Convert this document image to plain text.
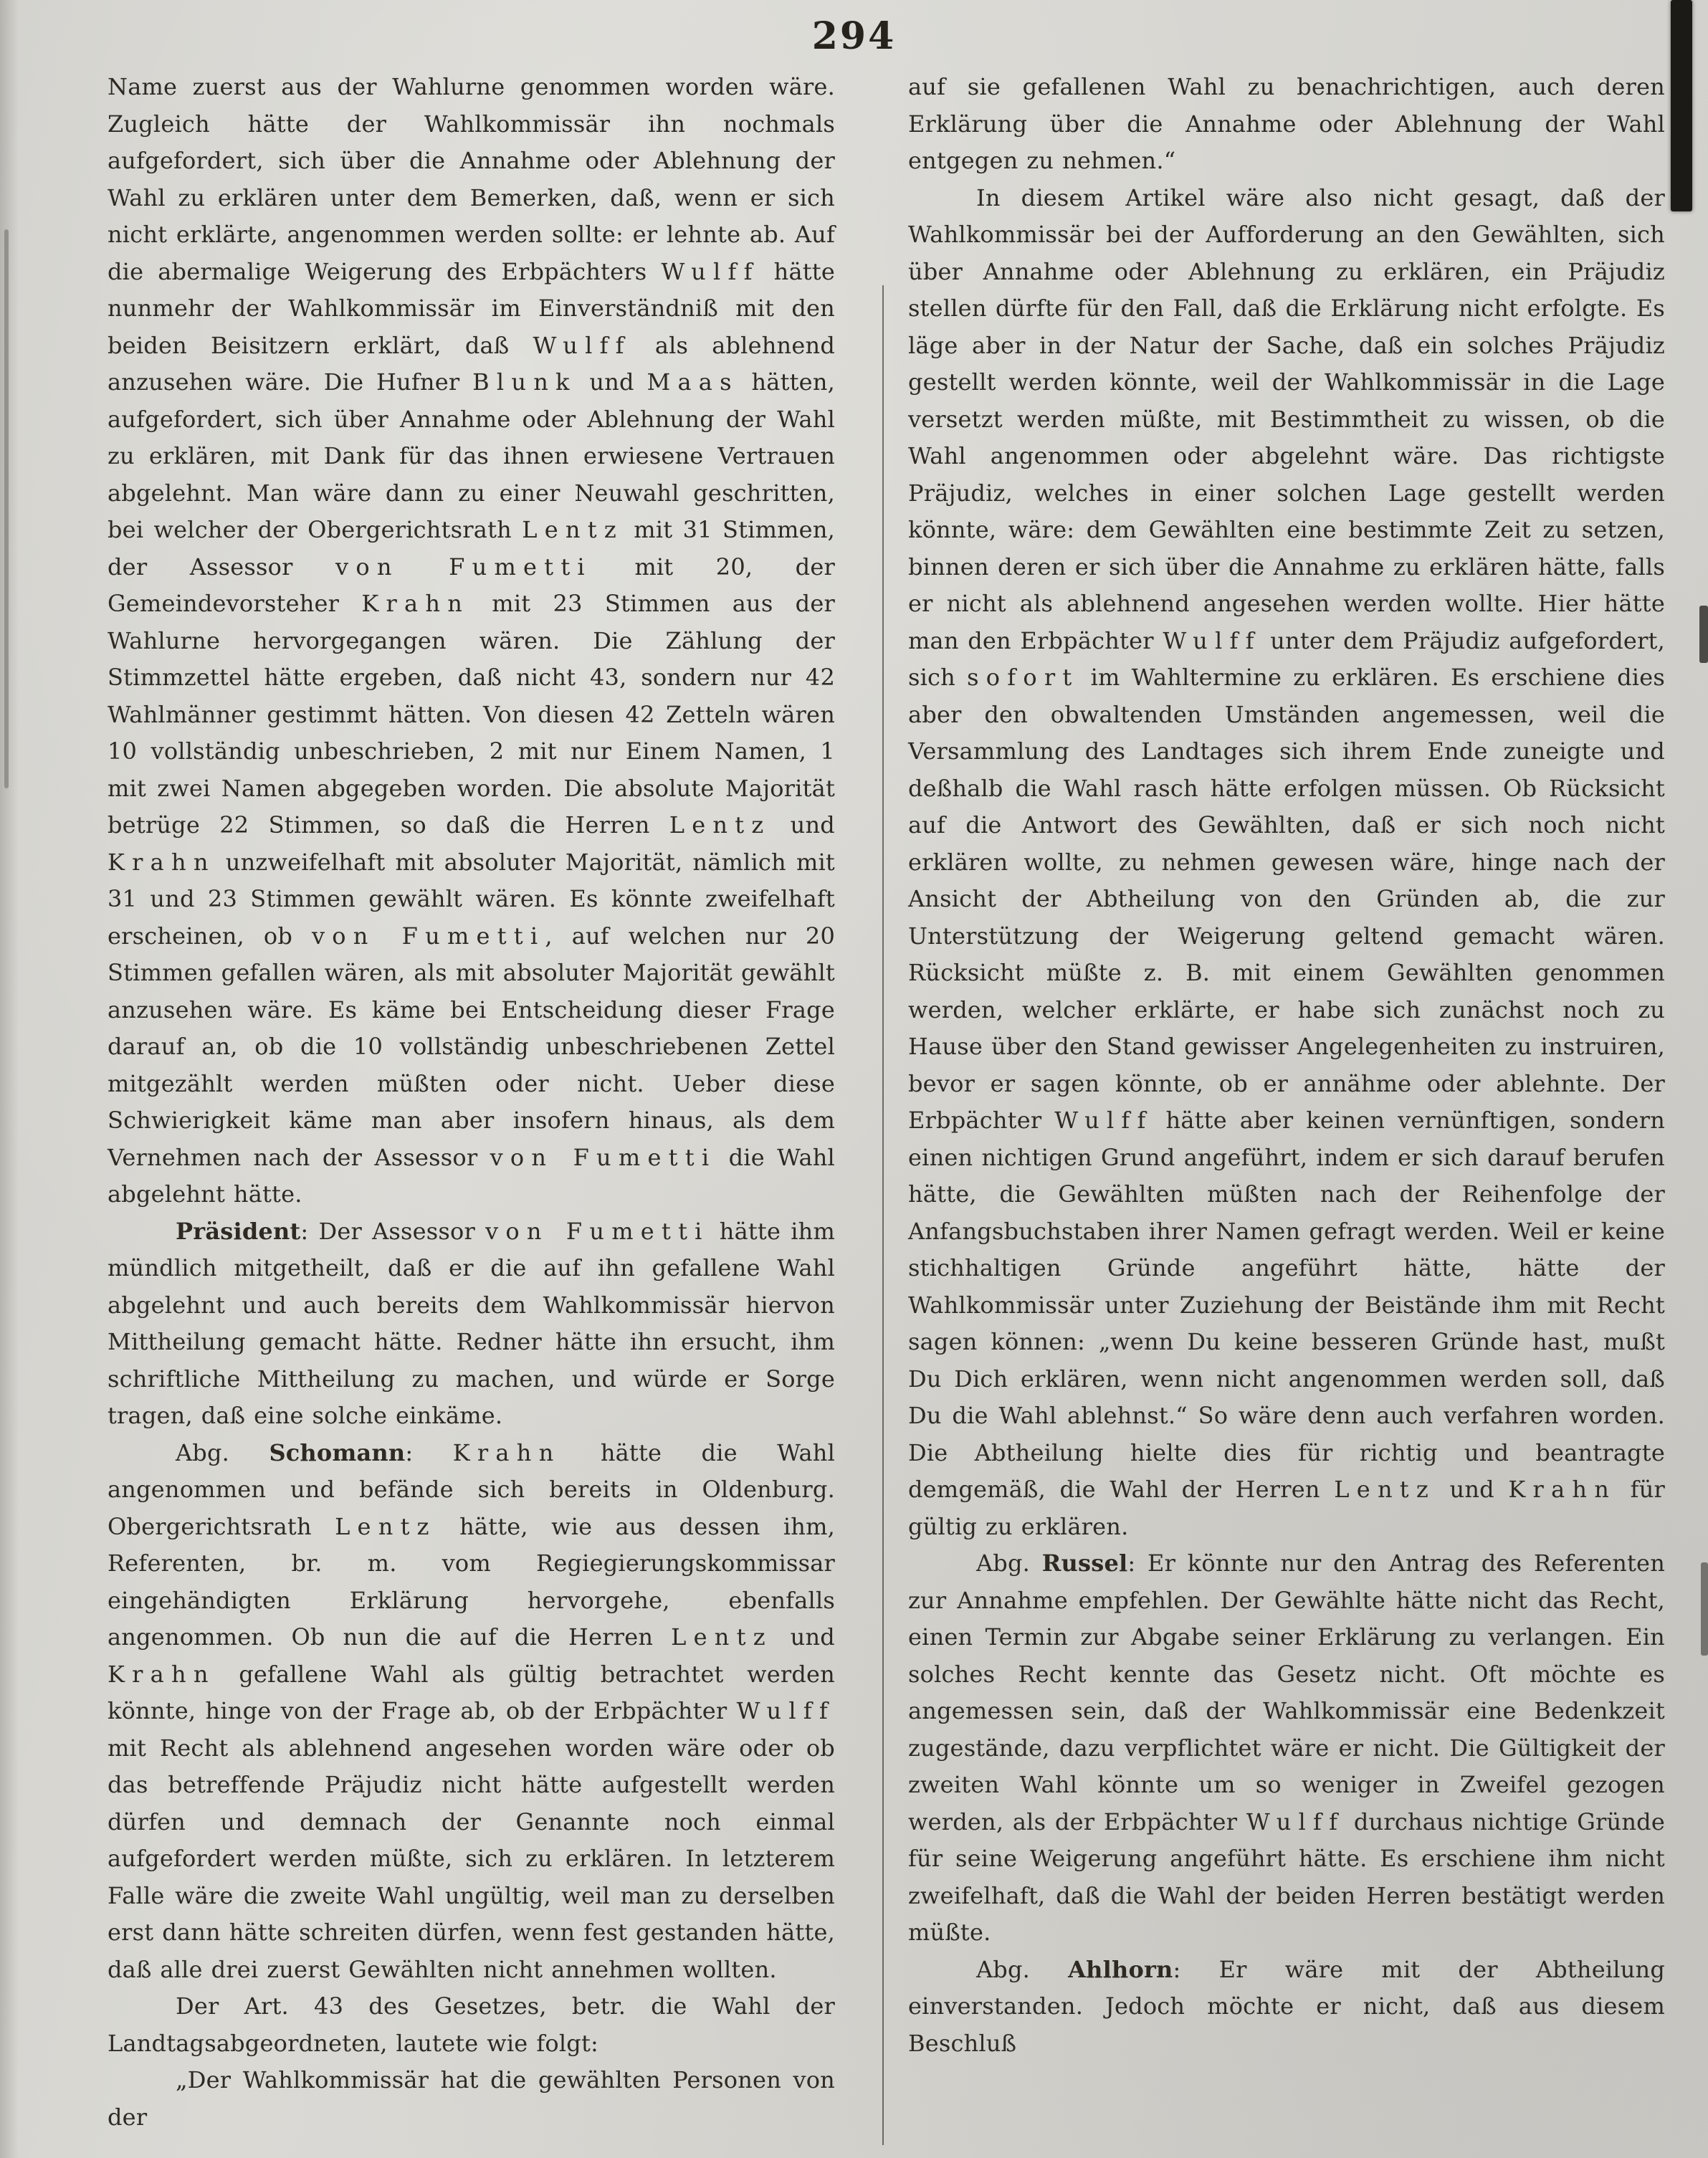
294

Name zuerst aus der Wahlurne genommen worden wäre. Zugleich hätte der Wahlkommissär ihn nochmals aufgefordert, sich über die Annahme oder Ablehnung der Wahl zu erklären unter dem Bemerken, daß, wenn er sich nicht erklärte, angenommen werden sollte: er lehnte ab. Auf die abermalige Weigerung des Erbpächters Wulff hätte nunmehr der Wahlkommissär im Einverständniß mit den beiden Beisitzern erklärt, daß Wulff als ablehnend anzusehen wäre. Die Hufner Blunk und Maas hätten, aufgefordert, sich über Annahme oder Ablehnung der Wahl zu erklären, mit Dank für das ihnen erwiesene Vertrauen abgelehnt. Man wäre dann zu einer Neuwahl geschritten, bei welcher der Obergerichtsrath Lentz mit 31 Stimmen, der Assessor von Fumetti mit 20, der Gemeindevorsteher Krahn mit 23 Stimmen aus der Wahlurne hervorgegangen wären. Die Zählung der Stimmzettel hätte ergeben, daß nicht 43, sondern nur 42 Wahlmänner gestimmt hätten. Von diesen 42 Zetteln wären 10 vollständig unbeschrieben, 2 mit nur Einem Namen, 1 mit zwei Namen abgegeben worden. Die absolute Majorität betrüge 22 Stimmen, so daß die Herren Lentz und Krahn unzweifelhaft mit absoluter Majorität, nämlich mit 31 und 23 Stimmen gewählt wären. Es könnte zweifelhaft erscheinen, ob von Fumetti, auf welchen nur 20 Stimmen gefallen wären, als mit absoluter Majorität gewählt anzusehen wäre. Es käme bei Entscheidung dieser Frage darauf an, ob die 10 vollständig unbeschriebenen Zettel mitgezählt werden müßten oder nicht. Ueber diese Schwierigkeit käme man aber insofern hinaus, als dem Vernehmen nach der Assessor von Fumetti die Wahl abgelehnt hätte.

Präsident: Der Assessor von Fumetti hätte ihm mündlich mitgetheilt, daß er die auf ihn gefallene Wahl abgelehnt und auch bereits dem Wahlkommissär hiervon Mittheilung gemacht hätte. Redner hätte ihn ersucht, ihm schriftliche Mittheilung zu machen, und würde er Sorge tragen, daß eine solche einkäme.

Abg. Schomann: Krahn hätte die Wahl angenommen und befände sich bereits in Oldenburg. Obergerichtsrath Lentz hätte, wie aus dessen ihm, Referenten, br. m. vom Regiegierungskommissar eingehändigten Erklärung hervorgehe, ebenfalls angenommen. Ob nun die auf die Herren Lentz und Krahn gefallene Wahl als gültig betrachtet werden könnte, hinge von der Frage ab, ob der Erbpächter Wulff mit Recht als ablehnend angesehen worden wäre oder ob das betreffende Präjudiz nicht hätte aufgestellt werden dürfen und demnach der Genannte noch einmal aufgefordert werden müßte, sich zu erklären. In letzterem Falle wäre die zweite Wahl ungültig, weil man zu derselben erst dann hätte schreiten dürfen, wenn fest gestanden hätte, daß alle drei zuerst Gewählten nicht annehmen wollten.

Der Art. 43 des Gesetzes, betr. die Wahl der Landtagsabgeordneten, lautete wie folgt:

„Der Wahlkommissär hat die gewählten Personen von der

auf sie gefallenen Wahl zu benachrichtigen, auch deren Erklärung über die Annahme oder Ablehnung der Wahl entgegen zu nehmen.“

In diesem Artikel wäre also nicht gesagt, daß der Wahlkommissär bei der Aufforderung an den Gewählten, sich über Annahme oder Ablehnung zu erklären, ein Präjudiz stellen dürfte für den Fall, daß die Erklärung nicht erfolgte. Es läge aber in der Natur der Sache, daß ein solches Präjudiz gestellt werden könnte, weil der Wahlkommissär in die Lage versetzt werden müßte, mit Bestimmtheit zu wissen, ob die Wahl angenommen oder abgelehnt wäre. Das richtigste Präjudiz, welches in einer solchen Lage gestellt werden könnte, wäre: dem Gewählten eine bestimmte Zeit zu setzen, binnen deren er sich über die Annahme zu erklären hätte, falls er nicht als ablehnend angesehen werden wollte. Hier hätte man den Erbpächter Wulff unter dem Präjudiz aufgefordert, sich sofort im Wahltermine zu erklären. Es erschiene dies aber den obwaltenden Umständen angemessen, weil die Versammlung des Landtages sich ihrem Ende zuneigte und deßhalb die Wahl rasch hätte erfolgen müssen. Ob Rücksicht auf die Antwort des Gewählten, daß er sich noch nicht erklären wollte, zu nehmen gewesen wäre, hinge nach der Ansicht der Abtheilung von den Gründen ab, die zur Unterstützung der Weigerung geltend gemacht wären. Rücksicht müßte z. B. mit einem Gewählten genommen werden, welcher erklärte, er habe sich zunächst noch zu Hause über den Stand gewisser Angelegenheiten zu instruiren, bevor er sagen könnte, ob er annähme oder ablehnte. Der Erbpächter Wulff hätte aber keinen vernünftigen, sondern einen nichtigen Grund angeführt, indem er sich darauf berufen hätte, die Gewählten müßten nach der Reihenfolge der Anfangsbuchstaben ihrer Namen gefragt werden. Weil er keine stichhaltigen Gründe angeführt hätte, hätte der Wahlkommissär unter Zuziehung der Beistände ihm mit Recht sagen können: „wenn Du keine besseren Gründe hast, mußt Du Dich erklären, wenn nicht angenommen werden soll, daß Du die Wahl ablehnst.“ So wäre denn auch verfahren worden. Die Abtheilung hielte dies für richtig und beantragte demgemäß, die Wahl der Herren Lentz und Krahn für gültig zu erklären.

Abg. Russel: Er könnte nur den Antrag des Referenten zur Annahme empfehlen. Der Gewählte hätte nicht das Recht, einen Termin zur Abgabe seiner Erklärung zu verlangen. Ein solches Recht kennte das Gesetz nicht. Oft möchte es angemessen sein, daß der Wahlkommissär eine Bedenkzeit zugestände, dazu verpflichtet wäre er nicht. Die Gültigkeit der zweiten Wahl könnte um so weniger in Zweifel gezogen werden, als der Erbpächter Wulff durchaus nichtige Gründe für seine Weigerung angeführt hätte. Es erschiene ihm nicht zweifelhaft, daß die Wahl der beiden Herren bestätigt werden müßte.

Abg. Ahlhorn: Er wäre mit der Abtheilung einverstanden. Jedoch möchte er nicht, daß aus diesem Beschluß
